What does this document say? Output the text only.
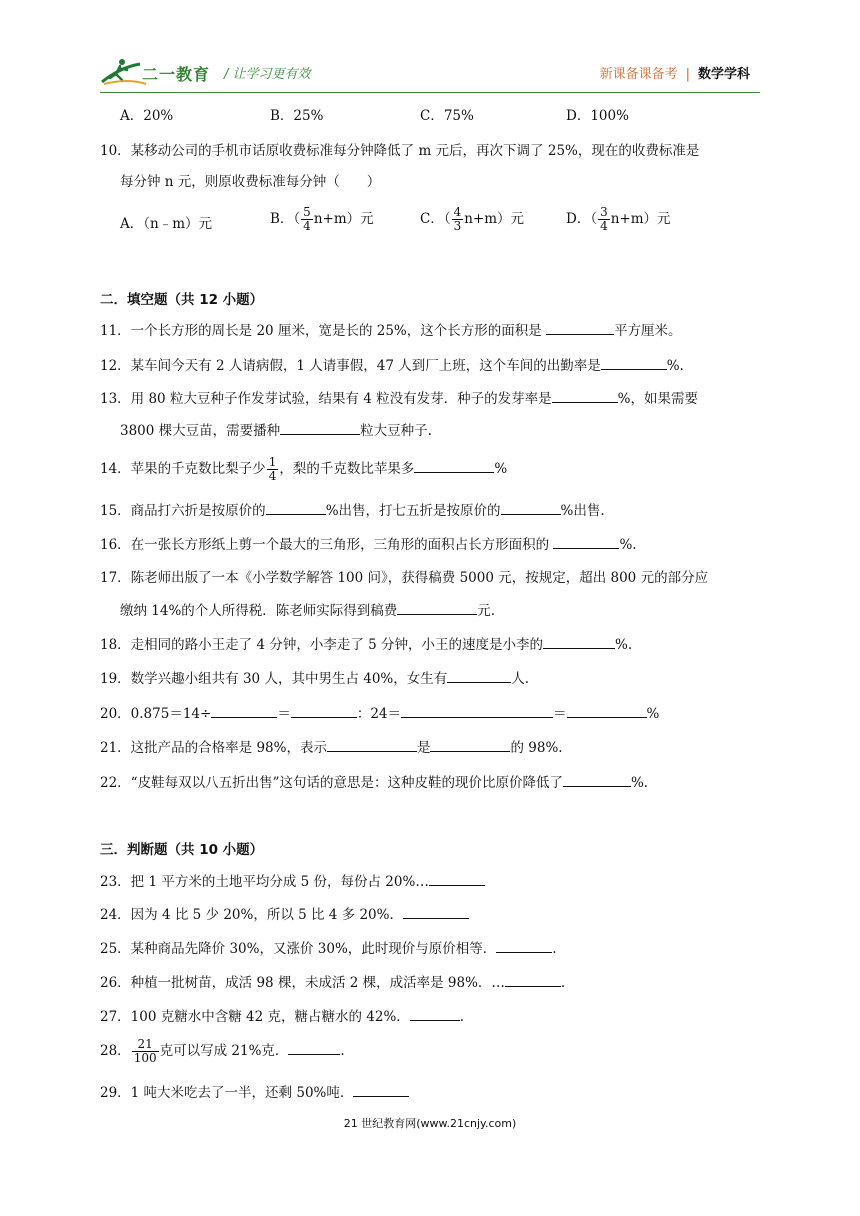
二一教育 / 让学习更有效	新课备课备考 | 数学学科
A．20%	B．25%	C．75%	D．100%
10．某移动公司的手机市话原收费标准每分钟降低了 m 元后，再次下调了 25%，现在的收费标准是
每分钟 n 元，则原收费标准每分钟（　　）
A．（n﹣m）元	B．（ $\frac{5}{4} n+m$）元	C．（ $\frac{4}{3} n+m$）元	D．（ $\frac{3}{4} n+m$）元
二．填空题（共 12 小题）
11．一个长方形的周长是 20 厘米，宽是长的 25%，这个长方形的面积是	平方厘米。
12．某车间今天有 2 人请病假，1 人请事假，47 人到厂上班，这个车间的出勤率是	%.
13．用 80 粒大豆种子作发芽试验，结果有 4 粒没有发芽．种子的发芽率是	%，如果需要
3800 棵大豆苗，需要播种	粒大豆种子.
14．苹果的千克数比梨子少 $\frac{1}{4}$ ，梨的千克数比苹果多	%
15．商品打六折是按原价的	%出售，打七五折是按原价的	%出售.
16．在一张长方形纸上剪一个最大的三角形，三角形的面积占长方形面积的	%.
17．陈老师出版了一本《小学数学解答 100 问》，获得稿费 5000 元，按规定，超出 800 元的部分应
缴纳 14%的个人所得税．陈老师实际得到稿费	元.
18．走相同的路小王走了 4 分钟，小李走了 5 分钟，小王的速度是小李的	%.
19．数学兴趣小组共有 30 人，其中男生占 40%，女生有	人.
20．0.875＝14÷	＝	：24＝	＝	%
21．这批产品的合格率是 98%，表示	是	的 98%.
22．“皮鞋每双以八五折出售”这句话的意思是：这种皮鞋的现价比原价降低了	%.
三．判断题（共 10 小题）
23．把 1 平方米的土地平均分成 5 份，每份占 20%…
24．因为 4 比 5 少 20%，所以 5 比 4 多 20%．
25．某种商品先降价 30%，又涨价 30%，此时现价与原价相等．	.
26．种植一批树苗，成活 98 棵，未成活 2 棵，成活率是 98%．…	.
27．100 克糖水中含糖 42 克，糖占糖水的 42%．	.
28． $\frac{21}{100}$ 克可以写成 21%克．	.
29．1 吨大米吃去了一半，还剩 50%吨．
21 世纪教育网(www.21cnjy.com)
